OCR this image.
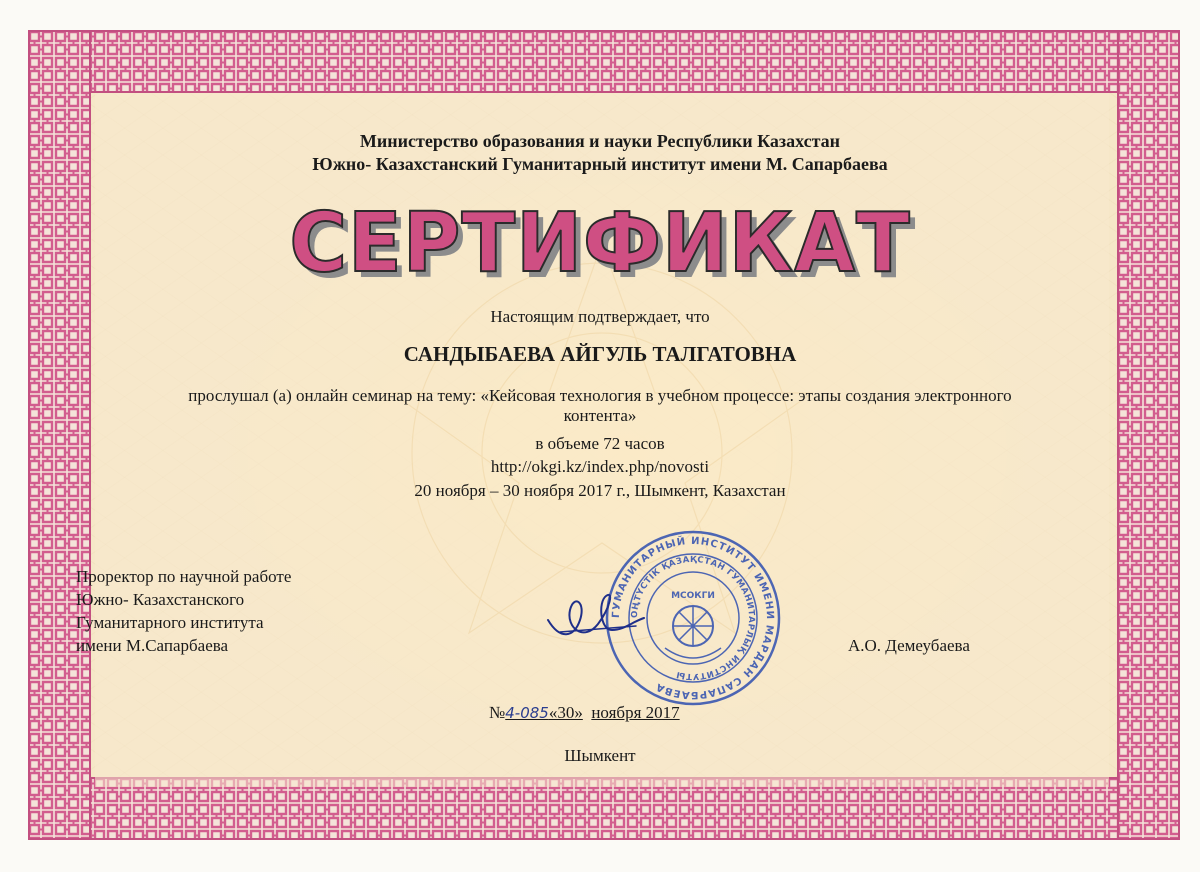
Министерство образования и науки Республики Казахстан
Южно- Казахстанский Гуманитарный институт имени М. Сапарбаева
СЕРТИФИКАТ
Настоящим подтверждает, что
САНДЫБАЕВА АЙГУЛЬ ТАЛГАТОВНА
прослушал (а) онлайн семинар на тему: «Кейсовая технология в учебном процессе: этапы создания электронного
контента»
в объеме 72 часов
http://okgi.kz/index.php/novosti
20 ноября – 30 ноября 2017 г., Шымкент, Казахстан
Проректор по научной работе
Южно- Казахстанского
Гуманитарного института
имени М.Сапарбаева	А.О. Демеубаева
ГУМАНИТАРНЫЙ ИНСТИТУТ ИМЕНИ МАРДАН САПАРБАЕВА
ОҢТҮСТІК ҚАЗАҚСТАН ГУМАНИТАРЛЫҚ ИНСТИТУТЫ
МСОКГИ
№4-085«30» ноября 2017
Шымкент
